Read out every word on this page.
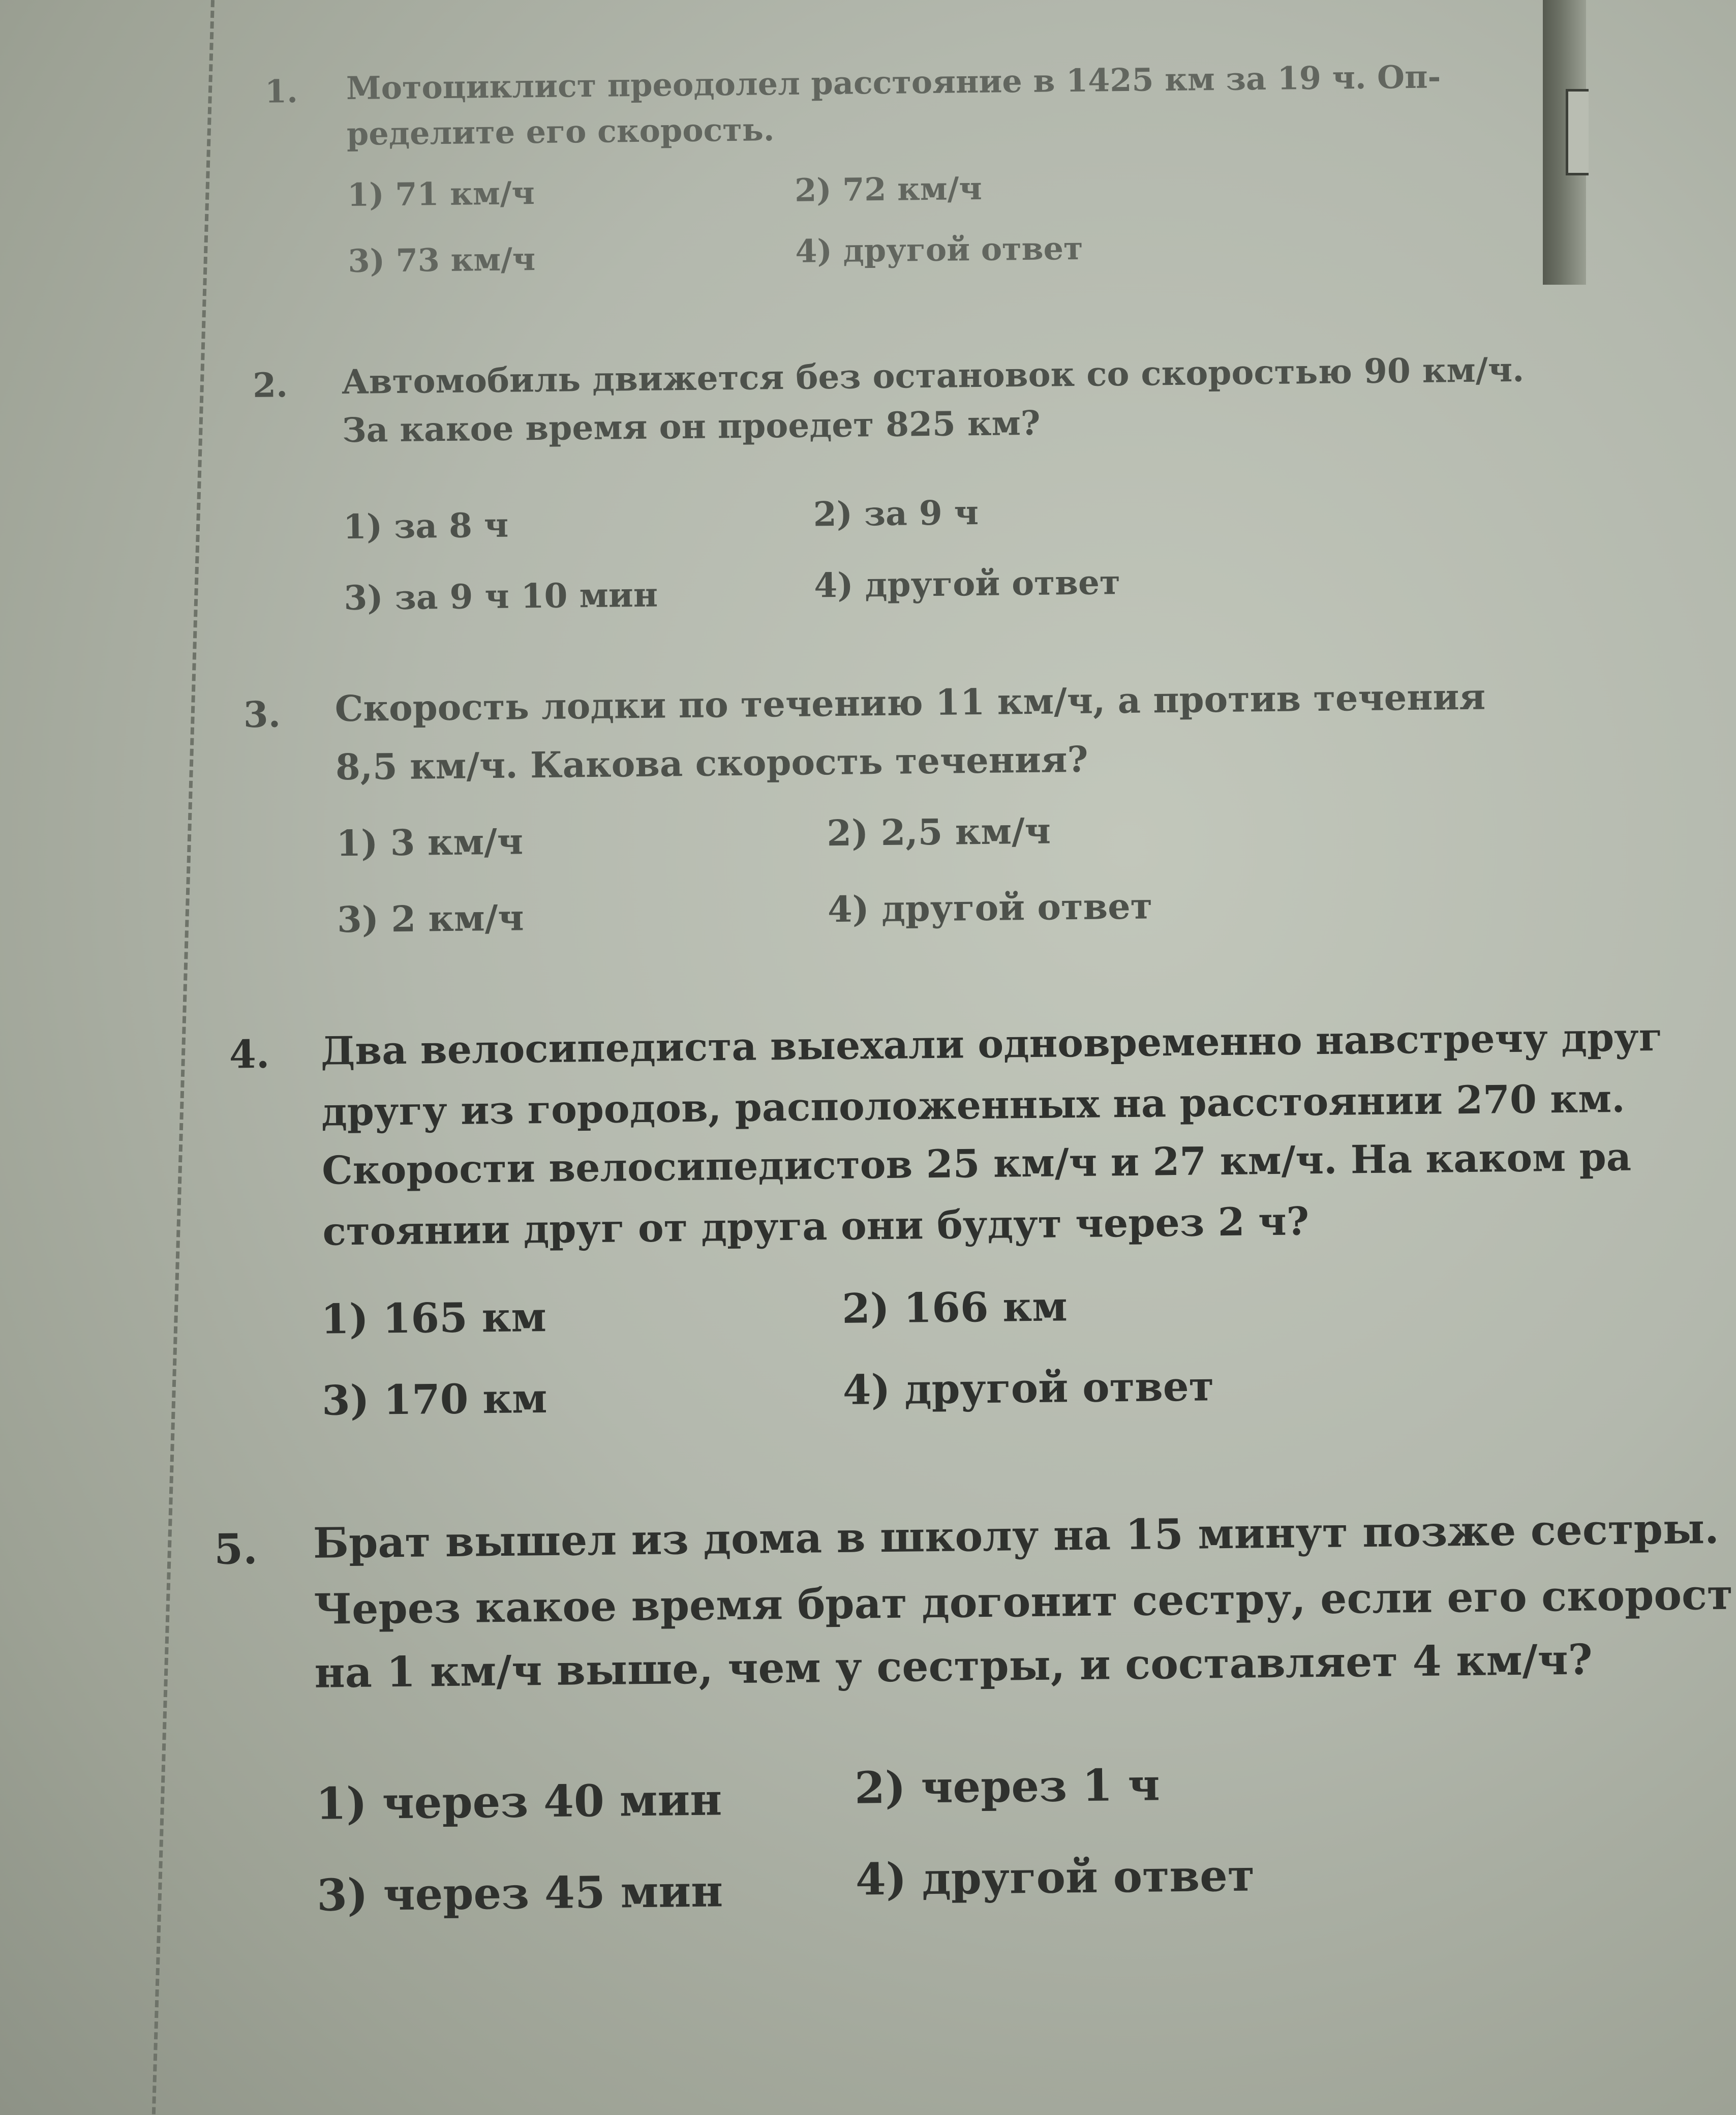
1. Мотоциклист преодолел расстояние в 1425 км за 19 ч. Оп-
ределите его скорость.
1) 71 км/ч	2) 72 км/ч
3) 73 км/ч	4) другой ответ
2. Автомобиль движется без остановок со скоростью 90 км/ч.
За какое время он проедет 825 км?
1) за 8 ч	2) за 9 ч
3) за 9 ч 10 мин	4) другой ответ
3. Скорость лодки по течению 11 км/ч, а против течения
8,5 км/ч. Какова скорость течения?
1) 3 км/ч	2) 2,5 км/ч
3) 2 км/ч	4) другой ответ
4. Два велосипедиста выехали одновременно навстречу друг
другу из городов, расположенных на расстоянии 270 км.
Скорости велосипедистов 25 км/ч и 27 км/ч. На каком ра
стоянии друг от друга они будут через 2 ч?
1) 165 км	2) 166 км
3) 170 км	4) другой ответ
5. Брат вышел из дома в школу на 15 минут позже сестры.
Через какое время брат догонит сестру, если его скорост
на 1 км/ч выше, чем у сестры, и составляет 4 км/ч?
1) через 40 мин	2) через 1 ч
3) через 45 мин	4) другой ответ
